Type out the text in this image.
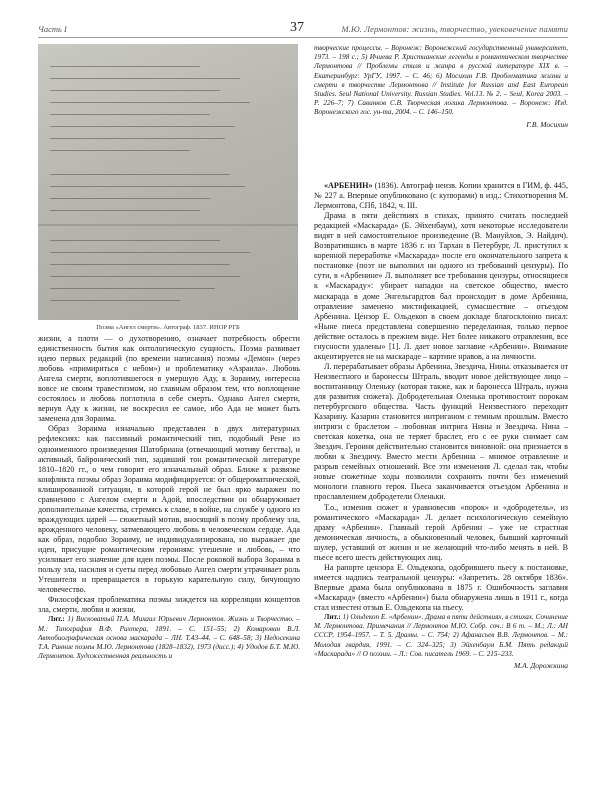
Часть I	37	М.Ю. Лермонтов: жизнь, творчество, увековечение памяти
Поэма «Ангел смерти». Автограф. 1837. ИНОР РГБ

жизни, а плоти — о духотворению, означает потребность обрести единственность бытия как онтологическую сущность. Поэма развивает идею первых редакций (по времени написания) поэмы «Демон» (через любовь «примириться с небом») и проблематику «Азраила». Любовь Ангела смерти, воплотившегося в умершую Аду, к Зораиму, интересна вовсе не своим травестизмом, но главным образом тем, что воплощение состоялось и любовь поглотила в себе смерть. Однако Ангел смерти, вернув Аду к жизни, не воскресил ее самое, ибо Ада не может быть заменена для Зораима.

Образ Зораима изначально представлен в двух литературных рефлексиях: как пассивный романтический тип, подобный Рене из одноименного произведения Шатобриана (отвечающий мотиву бегства), и активный, байронический тип, задавший тон романтической литературе 1810–1820 гг., о чем говорит его изначальный образ. Ближе к развязке конфликта поэмы образ Зораима модифицируется: от общероматнической, клишированной ситуации, в которой герой не был ярко выражен по сравнению с Ангелом смерти и Адой, впоследствии он обнаруживает дополнительные качества, стремясь к славе, в войне, на службе у одного из враждующих царей — сюжетный мотив, вносящий в поэму проблему зла, врожденного человеку, затмевающего любовь в человеческом сердце. Ада как образ, подобно Зораиму, не индивидуализирована, но выражает две идеи, присущие романтическим героиням: утешение и любовь, – что усиливает его значение для идеи поэмы. После роковой выбора Зораима в пользу зла, насилия и суеты перед любовью Ангел смерти утрачивает роль Утешителя и превращается в горькую карательную силу, бичующую человечество.

Философская проблематика поэмы зиждется на корреляции концептов зла, смерти, любви и жизни.

Лит.: 1) Висковатый П.А. Михаил Юрьевич Лермонтов. Жизнь и Творчество. – М.: Типография В.Ф. Рихтера, 1891. – С. 151–55; 2) Комаровин В.Л. Автобиографическая основа маскарада – ЛН. Т.43–44. – С. 648–58; 3) Недосекина Т.А. Ранние поэмы М.Ю. Лермонтова (1828–1832), 1973 (дисс.); 4) Удодов Б.Т. М.Ю. Лермонтов. Художественная реальность и

творческие процессы. – Воронеж: Воронежский государственный университет, 1973. – 198 с.; 5) Ичиева Р. Христианские легенды в романтическом творчестве Лермонтова // Проблемы стиля и жанра в русской литературе XIX в. – Екатеринбург: УрГУ, 1997. – С. 46; 6) Мосихин Г.В. Проблематика жизни и смерти в творчестве Лермонтова // Institute for Russian and East European Studies. Seul National University. Russian Studies. Vol.13. № 2. – Seul, Korea 2003. – Р. 226–7; 7) Савинков С.В. Творческая логика Лермонтова. – Воронеж: Изд. Воронежского гос. ун-та, 2004. – С. 146–150.

Г.В. Мосихин

«АРБЕНИН» (1836). Автограф неизв. Копии хранится в ГИМ, ф. 445, № 227 а. Впервые опубликовано (с купюрами) в изд.: Стихотворения М. Лермонтова, СПб, 1842, ч. III.

Драма в пяти действиях в стихах, принято считать последней редакцией «Маскарада» (Б. Эйхенбаум), хотя некоторые исследователи видят в ней самостоятельное произведение (В. Мануйлов, Э. Найдич). Возвратившись в марте 1836 г. из Тархан в Петербург, Л. приступил к коренной переработке «Маскарада» после его окончательного запрета к постановке (поэт не выполнил ни одного из требований цензуры). По сути, в «Арбенине» Л. выполняет все требования цензуры, относящиеся к «Маскараду»: убирает нападки на светское общество, вместо маскарада в доме Энгельгардтов бал происходит в доме Арбенина, отравление заменено мистификацией, сумасшествие – отъездом Арбенина. Цензор Е. Ольдекоп в своем докладе благосклонно писал: «Ныне пиеса представлена совершенно переделанная, только первое действие осталось в прежнем виде. Нет более никакого отравления, все гнусности удалены» [1]. Л. дает новое заглавие «Арбенин». Внимание акцентируется не на маскараде – картине нравов, а на личности.

Л. перерабатывает образы Арбенина, Звездича, Нины. отказывается от Неизвестного и баронессы Штраль, вводит новое действующее лицо – воспитанницу Оленьку (которая также, как и баронесса Штраль, нужна для развития сюжета). Добродетельная Оленька противостоит порокам петербургского общества. Часть функций Неизвестного переходит Казарину. Казарин становится интриганом с темным прошлым. Вместо интриги с браслетом – любовная интрига Нины и Звездича. Нина – светская кокетка, она не теряет браслет, его с ее руки снимает сам Звездич. Героиня действительно становится виновной: она признается в любви к Звездичу. Вместо мести Арбенина – мнимое отравление и разрыв семейных отношений. Все эти изменения Л. сделал так, чтобы новые сюжетные ходы позволили сохранить почти без изменений монологи главного героя. Пьеса заканчивается отъездом Арбенина и прославлением добродетели Оленьки.

Т.о., изменив сюжет и уравновесив «порок» и «добродетель», из романтического «Маскарада» Л. делает психологическую семейную драму «Арбенин». Главный герой Арбенин – уже не страстная демоническая личность, а обыкновенный человек, бывший карточный шулер, уставший от жизни и не желающий что-либо менять в ней. В пьесе всего шесть действующих лиц.

На рапорте цензора Е. Ольдекопа, одобрившего пьесу к постановке, имеется надпись театральной цензуры: «Запретить. 28 октября 1836». Впервые драма была опубликована в 1875 г. Ошибочность заглавия «Маскарад» (вместо «Арбенин») была обнаружена лишь в 1911 г., когда стал известен отзыв Е. Ольдекопа на пьесу.

Лит.: 1) Ольдекоп Е. «Арбенин». Драма в пяти действиях, в стихах. Сочинение М. Лермонтова. Примечания // Лермонтов М.Ю. Собр. соч.: В 6 т. – М.; Л.: АН СССР, 1954–1957. – Т. 5. Драмы. – С. 754; 2) Афанасьев В.В. Лермонтов. – М.: Молодая гвардия, 1991. – С. 324–325; 3) Эйхенбаум Б.М. Пять редакций «Маскарада» // О поэзии. – Л.: Сов. писатель 1969. – С. 215–233.

М.А. Дорожкина
